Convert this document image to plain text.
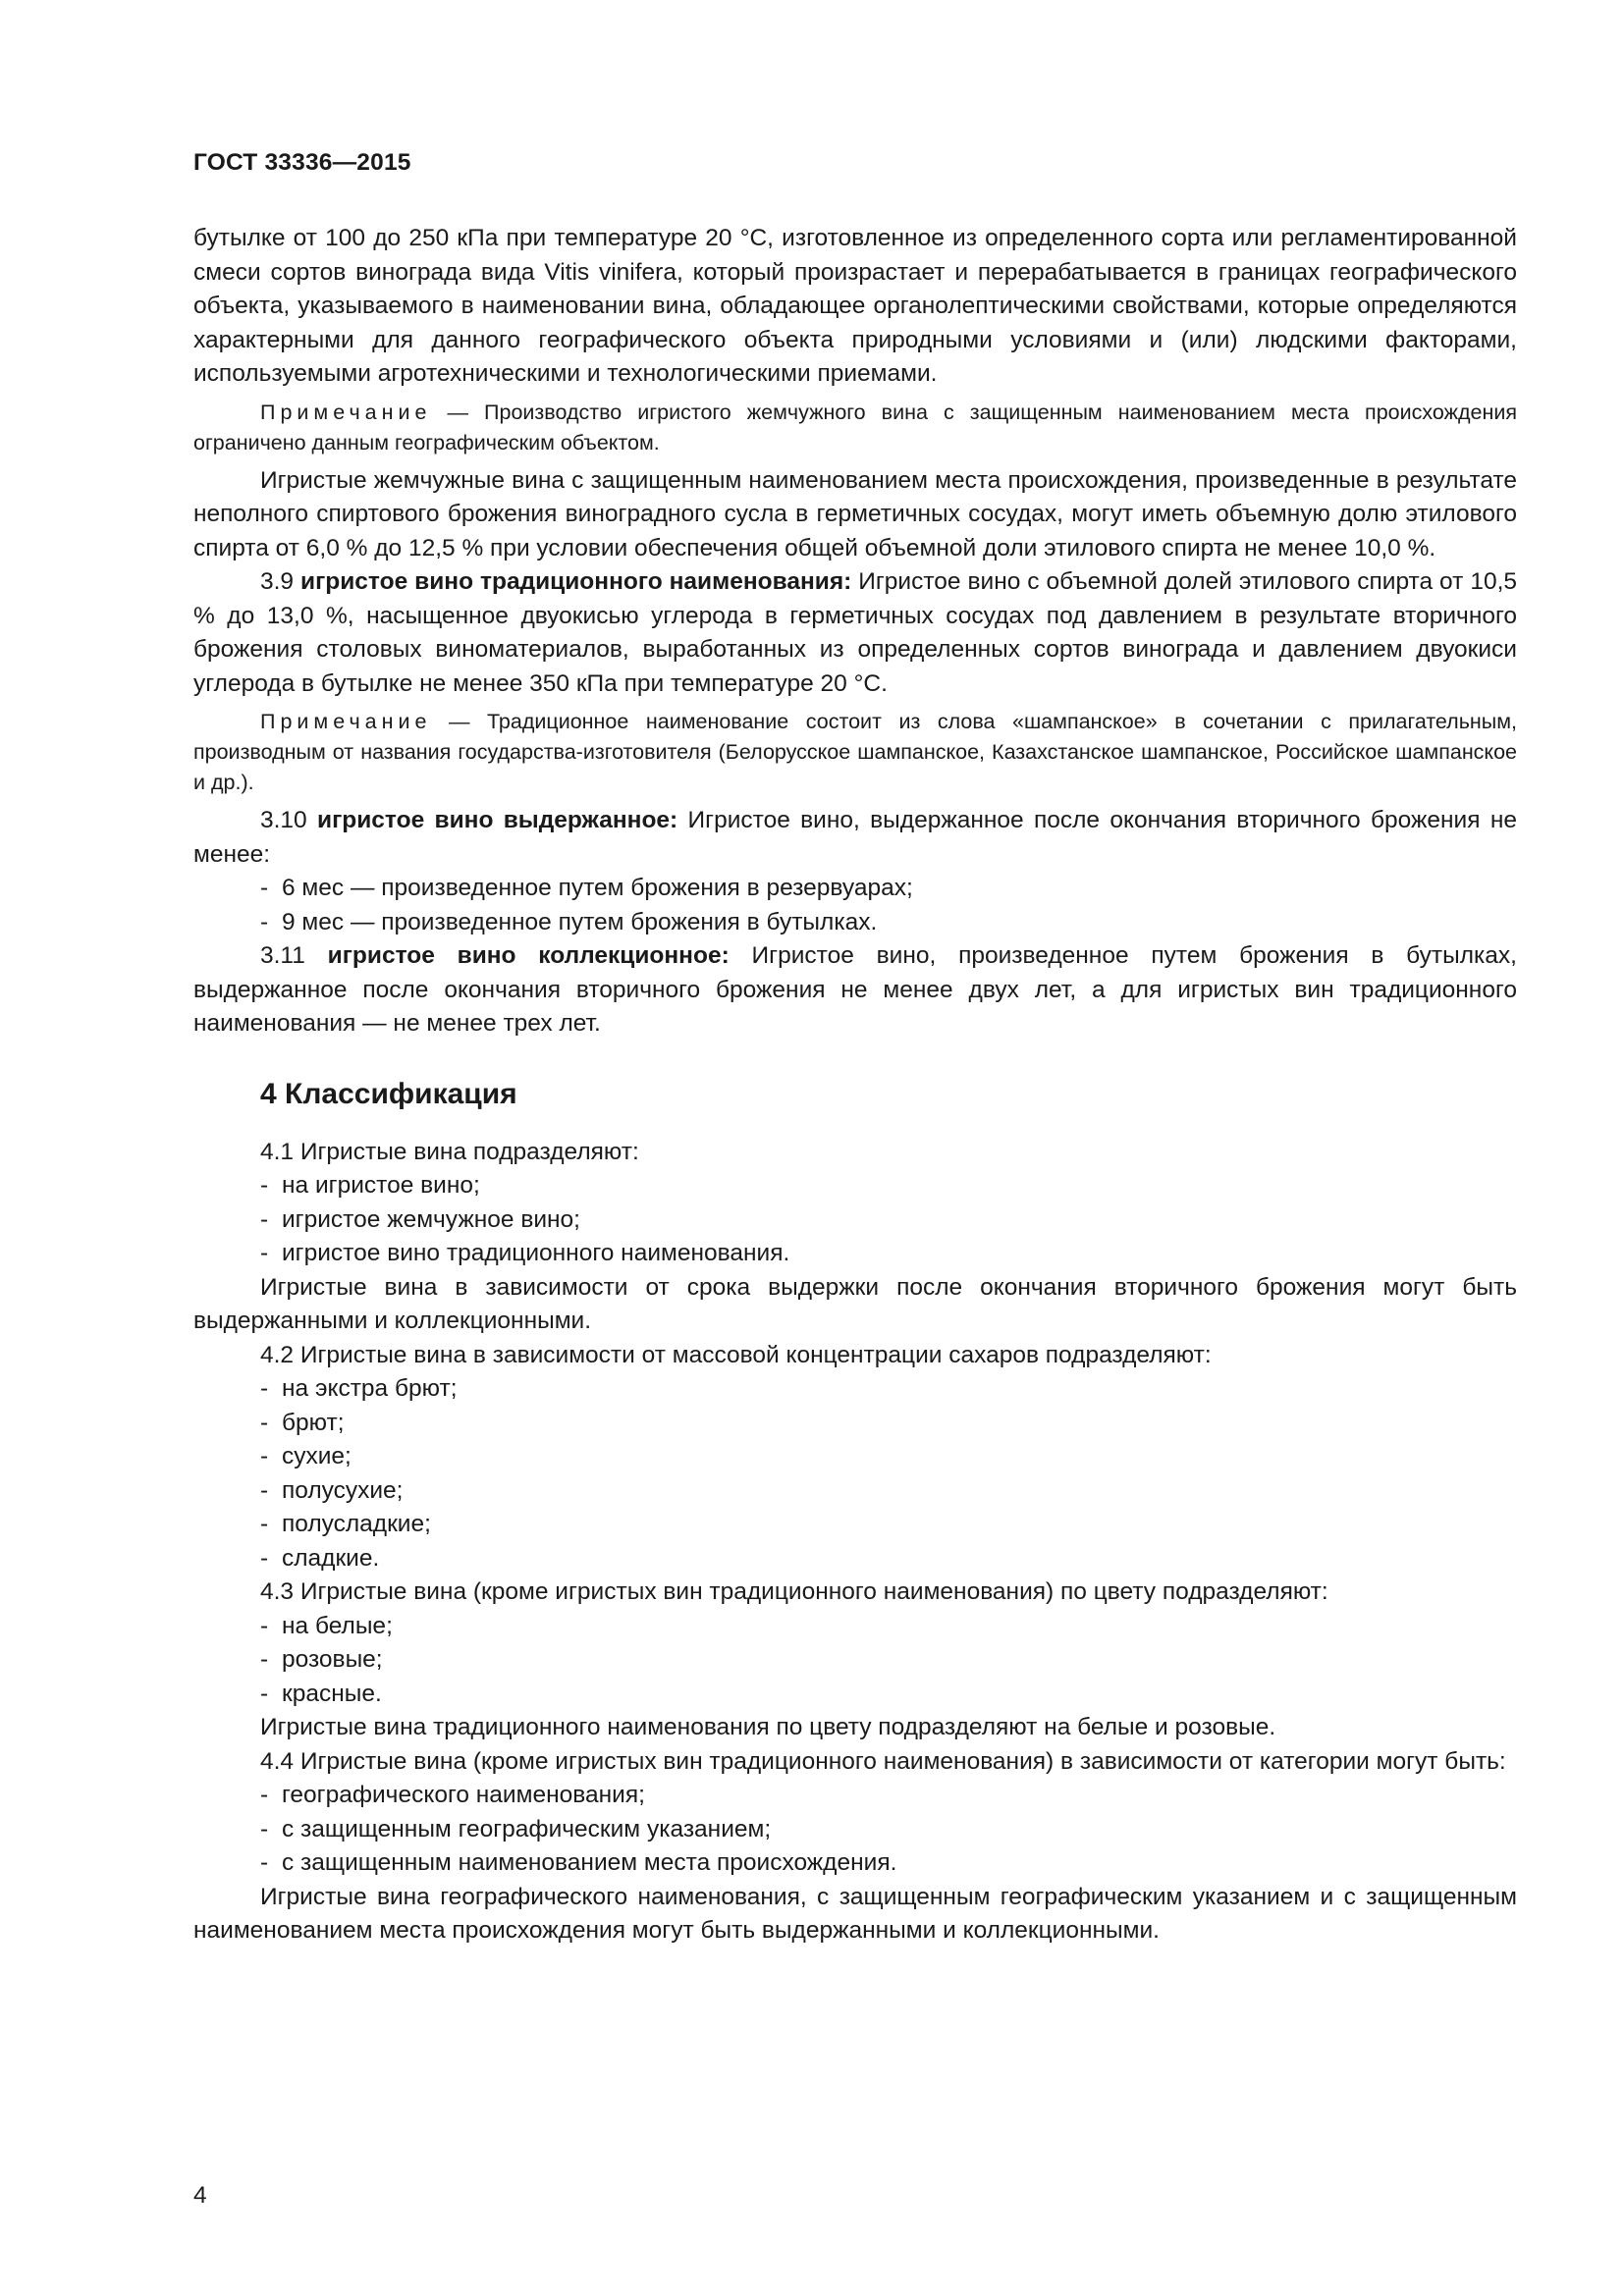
ГОСТ 33336—2015

бутылке от 100 до 250 кПа при температуре 20 °С, изготовленное из определенного сорта или регламентированной смеси сортов винограда вида Vitis vinifera, который произрастает и перерабатывается в границах географического объекта, указываемого в наименовании вина, обладающее органолептическими свойствами, которые определяются характерными для данного географического объекта природными условиями и (или) людскими факторами, используемыми агротехническими и технологическими приемами.

Примечание — Производство игристого жемчужного вина с защищенным наименованием места происхождения ограничено данным географическим объектом.

Игристые жемчужные вина с защищенным наименованием места происхождения, произведенные в результате неполного спиртового брожения виноградного сусла в герметичных сосудах, могут иметь объемную долю этилового спирта от 6,0 % до 12,5 % при условии обеспечения общей объемной доли этилового спирта не менее 10,0 %.

3.9 игристое вино традиционного наименования: Игристое вино с объемной долей этилового спирта от 10,5 % до 13,0 %, насыщенное двуокисью углерода в герметичных сосудах под давлением в результате вторичного брожения столовых виноматериалов, выработанных из определенных сортов винограда и давлением двуокиси углерода в бутылке не менее 350 кПа при температуре 20 °С.

Примечание — Традиционное наименование состоит из слова «шампанское» в сочетании с прилагательным, производным от названия государства-изготовителя (Белорусское шампанское, Казахстанское шампанское, Российское шампанское и др.).

3.10 игристое вино выдержанное: Игристое вино, выдержанное после окончания вторичного брожения не менее:

- 6 мес — произведенное путем брожения в резервуарах;
- 9 мес — произведенное путем брожения в бутылках.

3.11 игристое вино коллекционное: Игристое вино, произведенное путем брожения в бутылках, выдержанное после окончания вторичного брожения не менее двух лет, а для игристых вин традиционного наименования — не менее трех лет.

4 Классификация

4.1 Игристые вина подразделяют:

- на игристое вино;
- игристое жемчужное вино;
- игристое вино традиционного наименования.

Игристые вина в зависимости от срока выдержки после окончания вторичного брожения могут быть выдержанными и коллекционными.

4.2 Игристые вина в зависимости от массовой концентрации сахаров подразделяют:

- на экстра брют;
- брют;
- сухие;
- полусухие;
- полусладкие;
- сладкие.

4.3 Игристые вина (кроме игристых вин традиционного наименования) по цвету подразделяют:

- на белые;
- розовые;
- красные.

Игристые вина традиционного наименования по цвету подразделяют на белые и розовые.

4.4 Игристые вина (кроме игристых вин традиционного наименования) в зависимости от категории могут быть:

- географического наименования;
- с защищенным географическим указанием;
- с защищенным наименованием места происхождения.

Игристые вина географического наименования, с защищенным географическим указанием и с защищенным наименованием места происхождения могут быть выдержанными и коллекционными.

4
